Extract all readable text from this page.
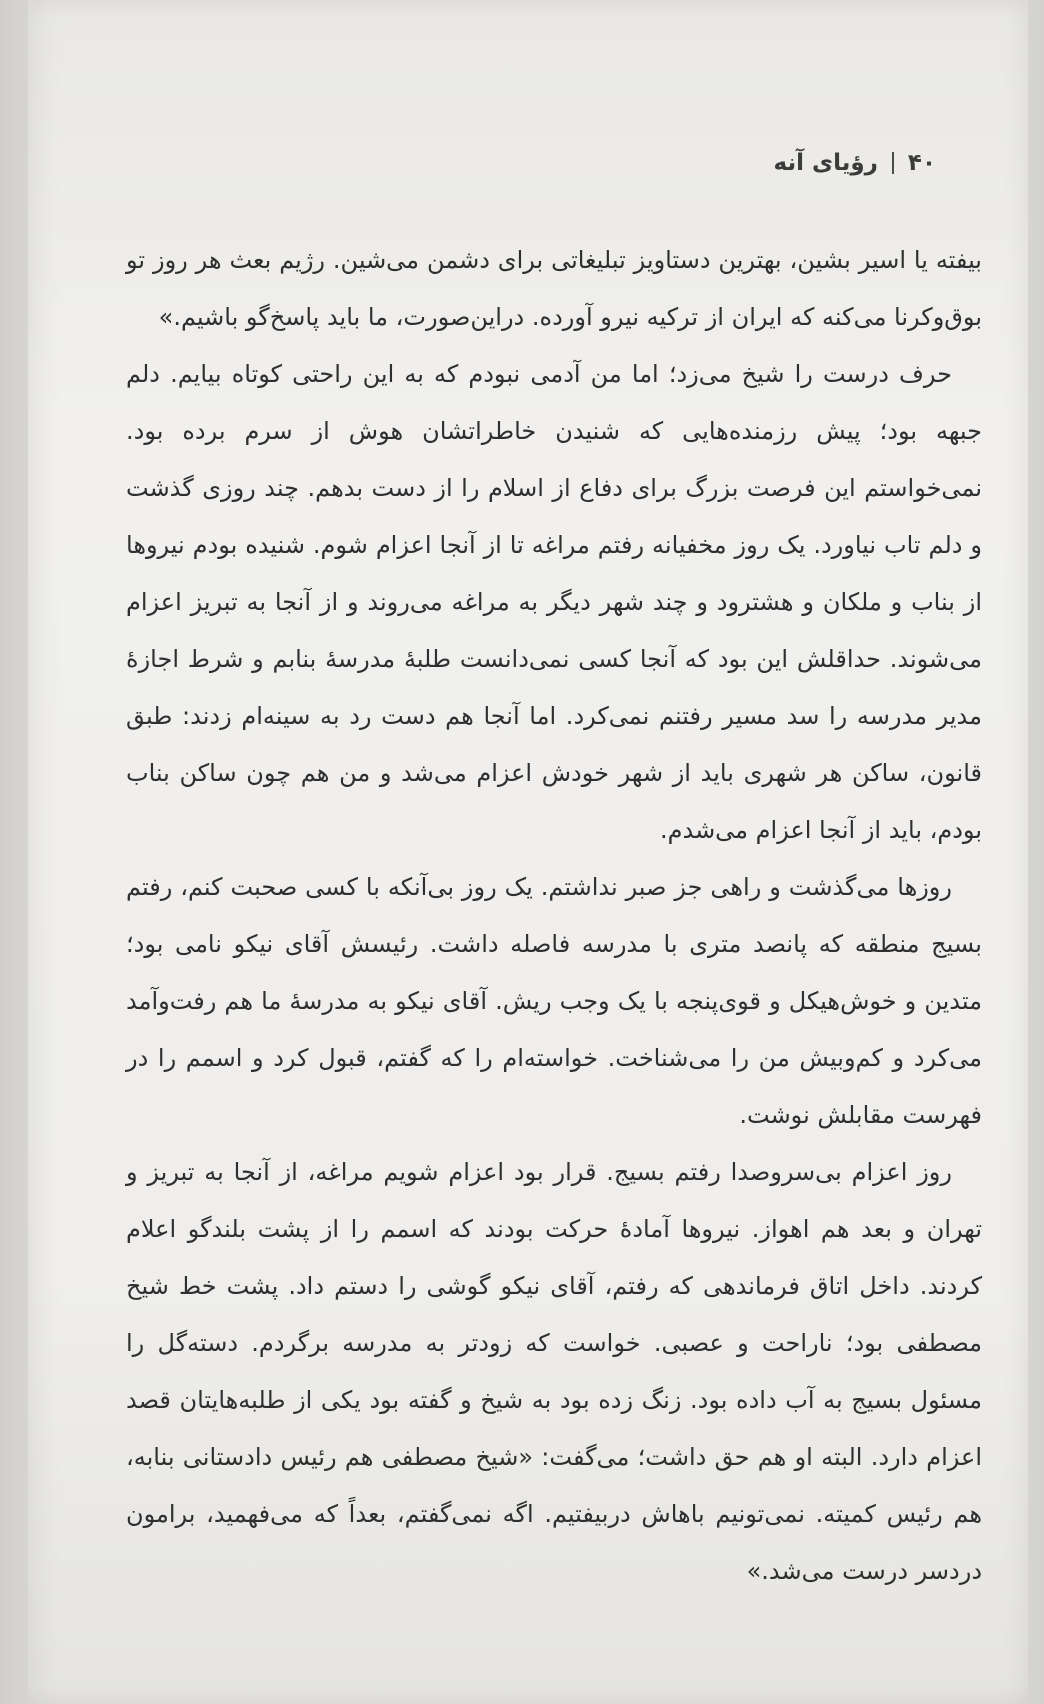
۴۰
رؤیای آنه

بیفته یا اسیر بشین، بهترین دستاویز تبلیغاتی برای دشمن می‌شین. رژیم بعث هر روز تو بوق‌وکرنا می‌کنه که ایران از ترکیه نیرو آورده. دراین‌صورت، ما باید پاسخ‌گو باشیم.»

حرف درست را شیخ می‌زد؛ اما من آدمی نبودم که به این راحتی کوتاه بیایم. دلم جبهه بود؛ پیش رزمنده‌هایی که شنیدن خاطراتشان هوش از سرم برده بود. نمی‌خواستم این فرصت بزرگ برای دفاع از اسلام را از دست بدهم. چند روزی گذشت و دلم تاب نیاورد. یک روز مخفیانه رفتم مراغه تا از آنجا اعزام شوم. شنیده بودم نیروها از بناب و ملکان و هشترود و چند شهر دیگر به مراغه می‌روند و از آنجا به تبریز اعزام می‌شوند. حداقلش این بود که آنجا کسی نمی‌دانست طلبهٔ مدرسهٔ بنابم و شرط اجازهٔ مدیر مدرسه را سد مسیر رفتنم نمی‌کرد. اما آنجا هم دست رد به سینه‌ام زدند: طبق قانون، ساکن هر شهری باید از شهر خودش اعزام می‌شد و من هم چون ساکن بناب بودم، باید از آنجا اعزام می‌شدم.

روزها می‌گذشت و راهی جز صبر نداشتم. یک روز بی‌آنکه با کسی صحبت کنم، رفتم بسیج منطقه که پانصد متری با مدرسه فاصله داشت. رئیسش آقای نیکو نامی بود؛ متدین و خوش‌هیکل و قوی‌پنجه با یک وجب ریش. آقای نیکو به مدرسهٔ ما هم رفت‌وآمد می‌کرد و کم‌وبیش من را می‌شناخت. خواسته‌ام را که گفتم، قبول کرد و اسمم را در فهرست مقابلش نوشت.

روز اعزام بی‌سروصدا رفتم بسیج. قرار بود اعزام شویم مراغه، از آنجا به تبریز و تهران و بعد هم اهواز. نیروها آمادهٔ حرکت بودند که اسمم را از پشت بلندگو اعلام کردند. داخل اتاق فرماندهی که رفتم، آقای نیکو گوشی را دستم داد. پشت خط شیخ مصطفی بود؛ ناراحت و عصبی. خواست که زودتر به مدرسه برگردم. دسته‌گل را مسئول بسیج به آب داده بود. زنگ زده بود به شیخ و گفته بود یکی از طلبه‌هایتان قصد اعزام دارد. البته او هم حق داشت؛ می‌گفت: «شیخ مصطفی هم رئیس دادستانی بنابه، هم رئیس کمیته. نمی‌تونیم باهاش دربیفتیم. اگه نمی‌گفتم، بعداً که می‌فهمید، برامون دردسر درست می‌شد.»
